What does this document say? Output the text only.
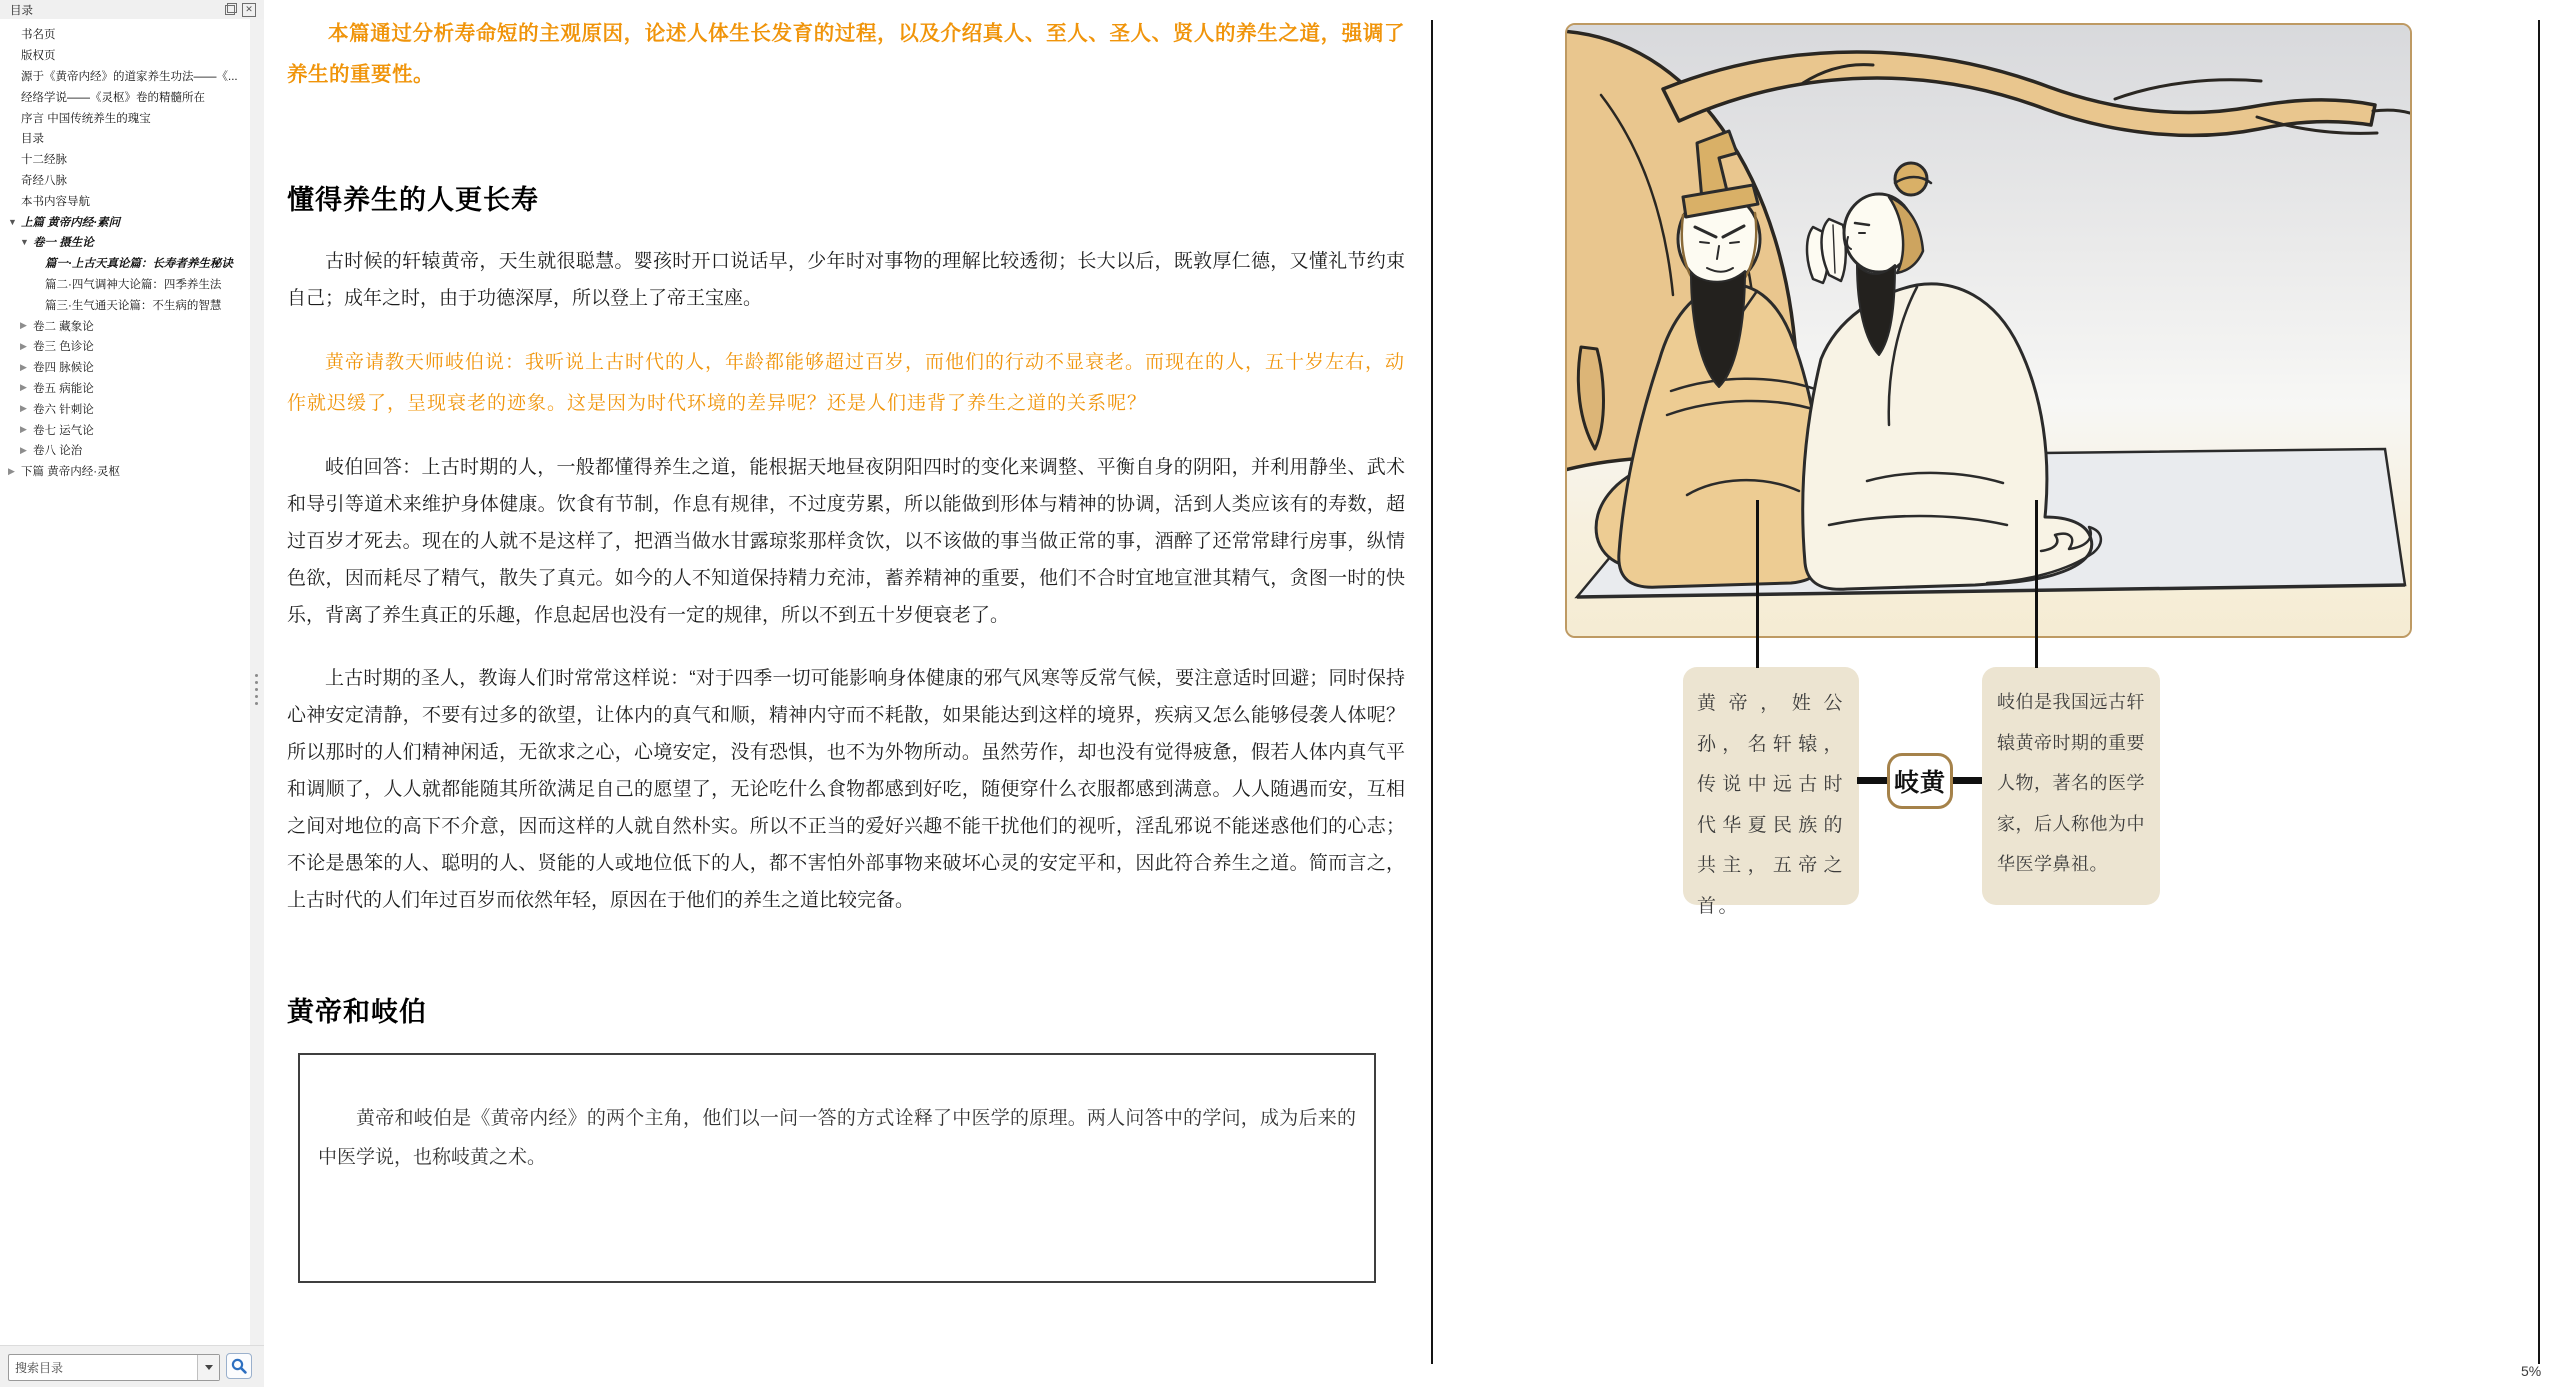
目录	✕
书名页
版权页
源于《黄帝内经》的道家养生功法——《...
经络学说——《灵枢》卷的精髓所在
序言 中国传统养生的瑰宝
目录
十二经脉
奇经八脉
本书内容导航
▼ 上篇 黄帝内经·素问
▼ 卷一 摄生论
篇一·上古天真论篇：长寿者养生秘诀
篇二·四气调神大论篇：四季养生法
篇三·生气通天论篇：不生病的智慧
▶ 卷二 藏象论
▶ 卷三 色诊论
▶ 卷四 脉候论
▶ 卷五 病能论
▶ 卷六 针刺论
▶ 卷七 运气论
▶ 卷八 论治
▶ 下篇 黄帝内经·灵枢
搜索目录

本篇通过分析寿命短的主观原因，论述人体生长发育的过程，以及介绍真人、至人、圣人、贤人的养生之道，强调了养生的重要性。

懂得养生的人更长寿

古时候的轩辕黄帝，天生就很聪慧。婴孩时开口说话早，少年时对事物的理解比较透彻；长大以后，既敦厚仁德，又懂礼节约束自己；成年之时，由于功德深厚，所以登上了帝王宝座。

黄帝请教天师岐伯说：我听说上古时代的人，年龄都能够超过百岁，而他们的行动不显衰老。而现在的人，五十岁左右，动作就迟缓了，呈现衰老的迹象。这是因为时代环境的差异呢？还是人们违背了养生之道的关系呢？

岐伯回答：上古时期的人，一般都懂得养生之道，能根据天地昼夜阴阳四时的变化来调整、平衡自身的阴阳，并利用静坐、武术和导引等道术来维护身体健康。饮食有节制，作息有规律，不过度劳累，所以能做到形体与精神的协调，活到人类应该有的寿数，超过百岁才死去。现在的人就不是这样了，把酒当做水甘露琼浆那样贪饮，以不该做的事当做正常的事，酒醉了还常常肆行房事，纵情色欲，因而耗尽了精气，散失了真元。如今的人不知道保持精力充沛，蓄养精神的重要，他们不合时宜地宣泄其精气，贪图一时的快乐，背离了养生真正的乐趣，作息起居也没有一定的规律，所以不到五十岁便衰老了。

上古时期的圣人，教诲人们时常常这样说：“对于四季一切可能影响身体健康的邪气风寒等反常气候，要注意适时回避；同时保持心神安定清静，不要有过多的欲望，让体内的真气和顺，精神内守而不耗散，如果能达到这样的境界，疾病又怎么能够侵袭人体呢？所以那时的人们精神闲适，无欲求之心，心境安定，没有恐惧，也不为外物所动。虽然劳作，却也没有觉得疲惫，假若人体内真气平和调顺了，人人就都能随其所欲满足自己的愿望了，无论吃什么食物都感到好吃，随便穿什么衣服都感到满意。人人随遇而安，互相之间对地位的高下不介意，因而这样的人就自然朴实。所以不正当的爱好兴趣不能干扰他们的视听，淫乱邪说不能迷惑他们的心志；不论是愚笨的人、聪明的人、贤能的人或地位低下的人，都不害怕外部事物来破坏心灵的安定平和，因此符合养生之道。简而言之，上古时代的人们年过百岁而依然年轻，原因在于他们的养生之道比较完备。

黄帝和岐伯

黄帝和岐伯是《黄帝内经》的两个主角，他们以一问一答的方式诠释了中医学的原理。两人问答中的学问，成为后来的中医学说，也称岐黄之术。

黄帝，姓公孙，名轩辕，传说中远古时代华夏民族的共主，五帝之首。

岐黄

岐伯是我国远古轩辕黄帝时期的重要人物，著名的医学家，后人称他为中华医学鼻祖。

5%
